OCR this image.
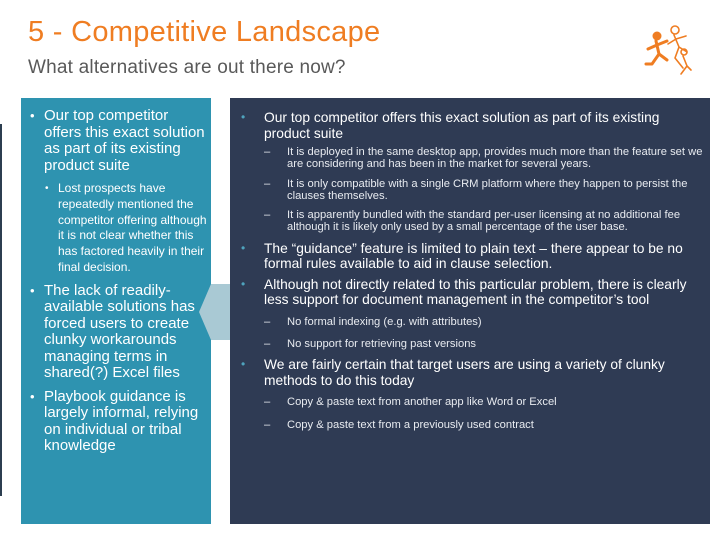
5 - Competitive Landscape
What alternatives are out there now?
• Our top competitor offers this exact solution as part of its existing product suite
• Lost prospects have repeatedly mentioned the competitor offering although it is not clear whether this has factored heavily in their final decision.
• The lack of readily-available solutions has forced users to create clunky workarounds managing terms in shared(?) Excel files
• Playbook guidance is largely informal, relying on individual or tribal knowledge
• Our top competitor offers this exact solution as part of its existing product suite
– It is deployed in the same desktop app, provides much more than the feature set we are considering and has been in the market for several years.
– It is only compatible with a single CRM platform where they happen to persist the clauses themselves.
– It is apparently bundled with the standard per-user licensing at no additional fee although it is likely only used by a small percentage of the user base.
• The “guidance” feature is limited to plain text – there appear to be no formal rules available to aid in clause selection.
• Although not directly related to this particular problem, there is clearly less support for document management in the competitor’s tool
– No formal indexing (e.g. with attributes)
– No support for retrieving past versions
• We are fairly certain that target users are using a variety of clunky methods to do this today
– Copy & paste text from another app like Word or Excel
– Copy & paste text from a previously used contract
